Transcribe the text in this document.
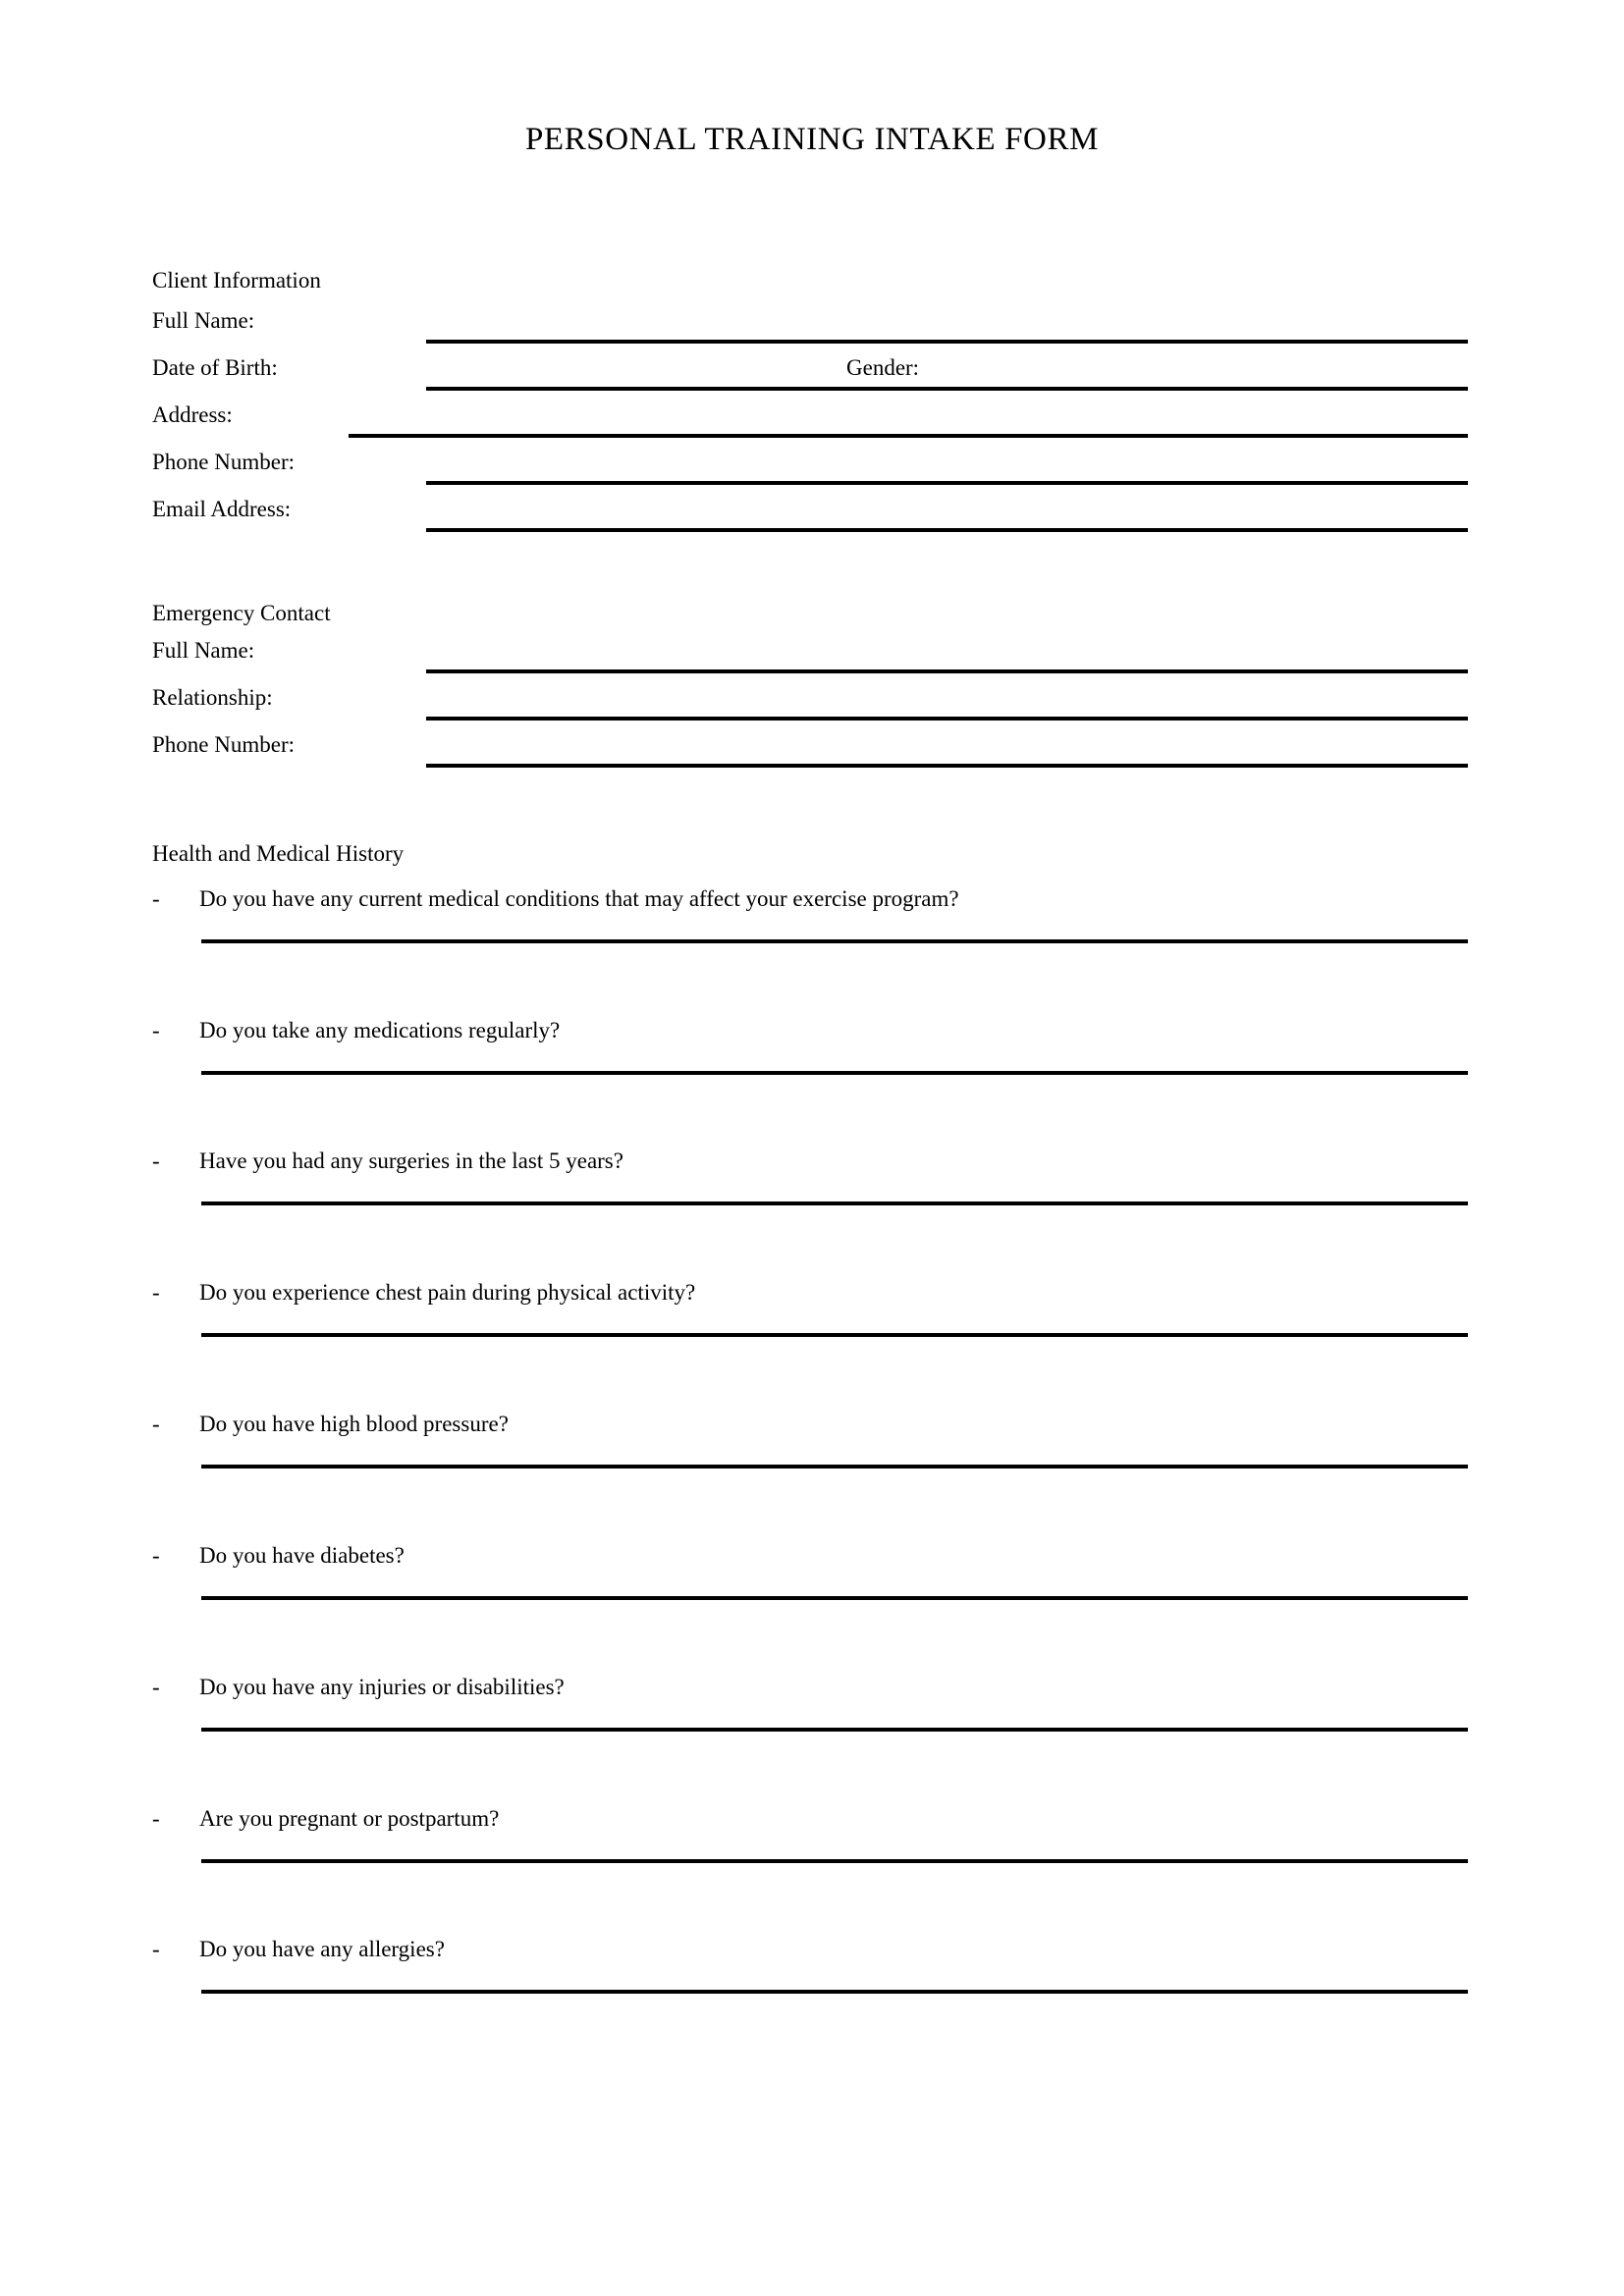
PERSONAL TRAINING INTAKE FORM
Client Information
Full Name:
Date of Birth:	Gender:
Address:
Phone Number:
Email Address:
Emergency Contact
Full Name:
Relationship:
Phone Number:
Health and Medical History
- Do you have any current medical conditions that may affect your exercise program?
- Do you take any medications regularly?
- Have you had any surgeries in the last 5 years?
- Do you experience chest pain during physical activity?
- Do you have high blood pressure?
- Do you have diabetes?
- Do you have any injuries or disabilities?
- Are you pregnant or postpartum?
- Do you have any allergies?
